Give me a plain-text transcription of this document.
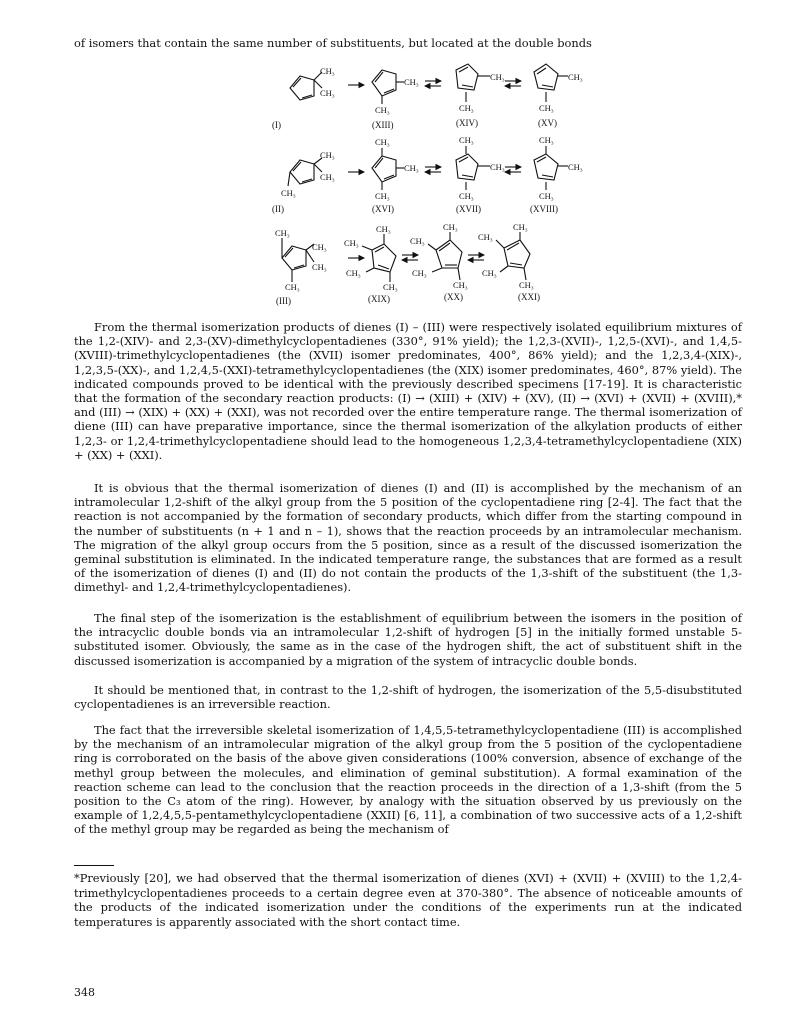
of isomers that contain the same number of substituents, but located at the double bonds
CH₃
CH₃
CH₃
CH₃
CH₃
CH₃
CH₃
CH₃
(I)	(XIII)	(XIV)	(XV)
CH₃
CH₃
CH₃
CH₃
CH₃
CH₃
CH₃
CH₃
CH₃
CH₃
CH₃
CH₃
(II)	(XVI)	(XVII)	(XVIII)
CH₃
CH₃
CH₃
CH₃
CH₃
CH₃
CH₃
CH₃
CH₃
CH₃
CH₃
CH₃
CH₃
CH₃
CH₃
CH₃
(III)	(XIX)	(XX)	(XXI)

From the thermal isomerization products of dienes (I) – (III) were respectively isolated equilibrium mixtures of the 1,2-(XIV)- and 2,3-(XV)-dimethylcyclopentadienes (330°, 91% yield); the 1,2,3-(XVII)-, 1,2,5-(XVI)-, and 1,4,5-(XVIII)-trimethylcyclopentadienes (the (XVII) isomer predominates, 400°, 86% yield); and the 1,2,3,4-(XIX)-, 1,2,3,5-(XX)-, and 1,2,4,5-(XXI)-tetramethylcyclopentadienes (the (XIX) isomer predominates, 460°, 87% yield). The indicated compounds proved to be identical with the previously described specimens [17-19]. It is characteristic that the formation of the secondary reaction products: (I) → (XIII) + (XIV) + (XV), (II) → (XVI) + (XVII) + (XVIII),* and (III) → (XIX) + (XX) + (XXI), was not recorded over the entire temperature range. The thermal isomerization of diene (III) can have preparative importance, since the thermal isomerization of the alkylation products of either 1,2,3- or 1,2,4-trimethylcyclopentadiene should lead to the homogeneous 1,2,3,4-tetramethylcyclopentadiene (XIX) + (XX) + (XXI).

It is obvious that the thermal isomerization of dienes (I) and (II) is accomplished by the mechanism of an intramolecular 1,2-shift of the alkyl group from the 5 position of the cyclopentadiene ring [2-4]. The fact that the reaction is not accompanied by the formation of secondary products, which differ from the starting compound in the number of substituents (n + 1 and n – 1), shows that the reaction proceeds by an intramolecular mechanism. The migration of the alkyl group occurs from the 5 position, since as a result of the discussed isomerization the geminal substitution is eliminated. In the indicated temperature range, the substances that are formed as a result of the isomerization of dienes (I) and (II) do not contain the products of the 1,3-shift of the substituent (the 1,3-dimethyl- and 1,2,4-trimethylcyclopentadienes).

The final step of the isomerization is the establishment of equilibrium between the isomers in the position of the intracyclic double bonds via an intramolecular 1,2-shift of hydrogen [5] in the initially formed unstable 5-substituted isomer. Obviously, the same as in the case of the hydrogen shift, the act of substituent shift in the discussed isomerization is accompanied by a migration of the system of intracyclic double bonds.

It should be mentioned that, in contrast to the 1,2-shift of hydrogen, the isomerization of the 5,5-disubstituted cyclopentadienes is an irreversible reaction.

The fact that the irreversible skeletal isomerization of 1,4,5,5-tetramethylcyclopentadiene (III) is accomplished by the mechanism of an intramolecular migration of the alkyl group from the 5 position of the cyclopentadiene ring is corroborated on the basis of the above given considerations (100% conversion, absence of exchange of the methyl group between the molecules, and elimination of geminal substitution). A formal examination of the reaction scheme can lead to the conclusion that the reaction proceeds in the direction of a 1,3-shift (from the 5 position to the C₃ atom of the ring). However, by analogy with the situation observed by us previously on the example of 1,2,4,5,5-pentamethylcyclopentadiene (XXII) [6, 11], a combination of two successive acts of a 1,2-shift of the methyl group may be regarded as being the mechanism of

*Previously [20], we had observed that the thermal isomerization of dienes (XVI) + (XVII) + (XVIII) to the 1,2,4-trimethylcyclopentadienes proceeds to a certain degree even at 370-380°. The absence of noticeable amounts of the products of the indicated isomerization under the conditions of the experiments run at the indicated temperatures is apparently associated with the short contact time.
348
